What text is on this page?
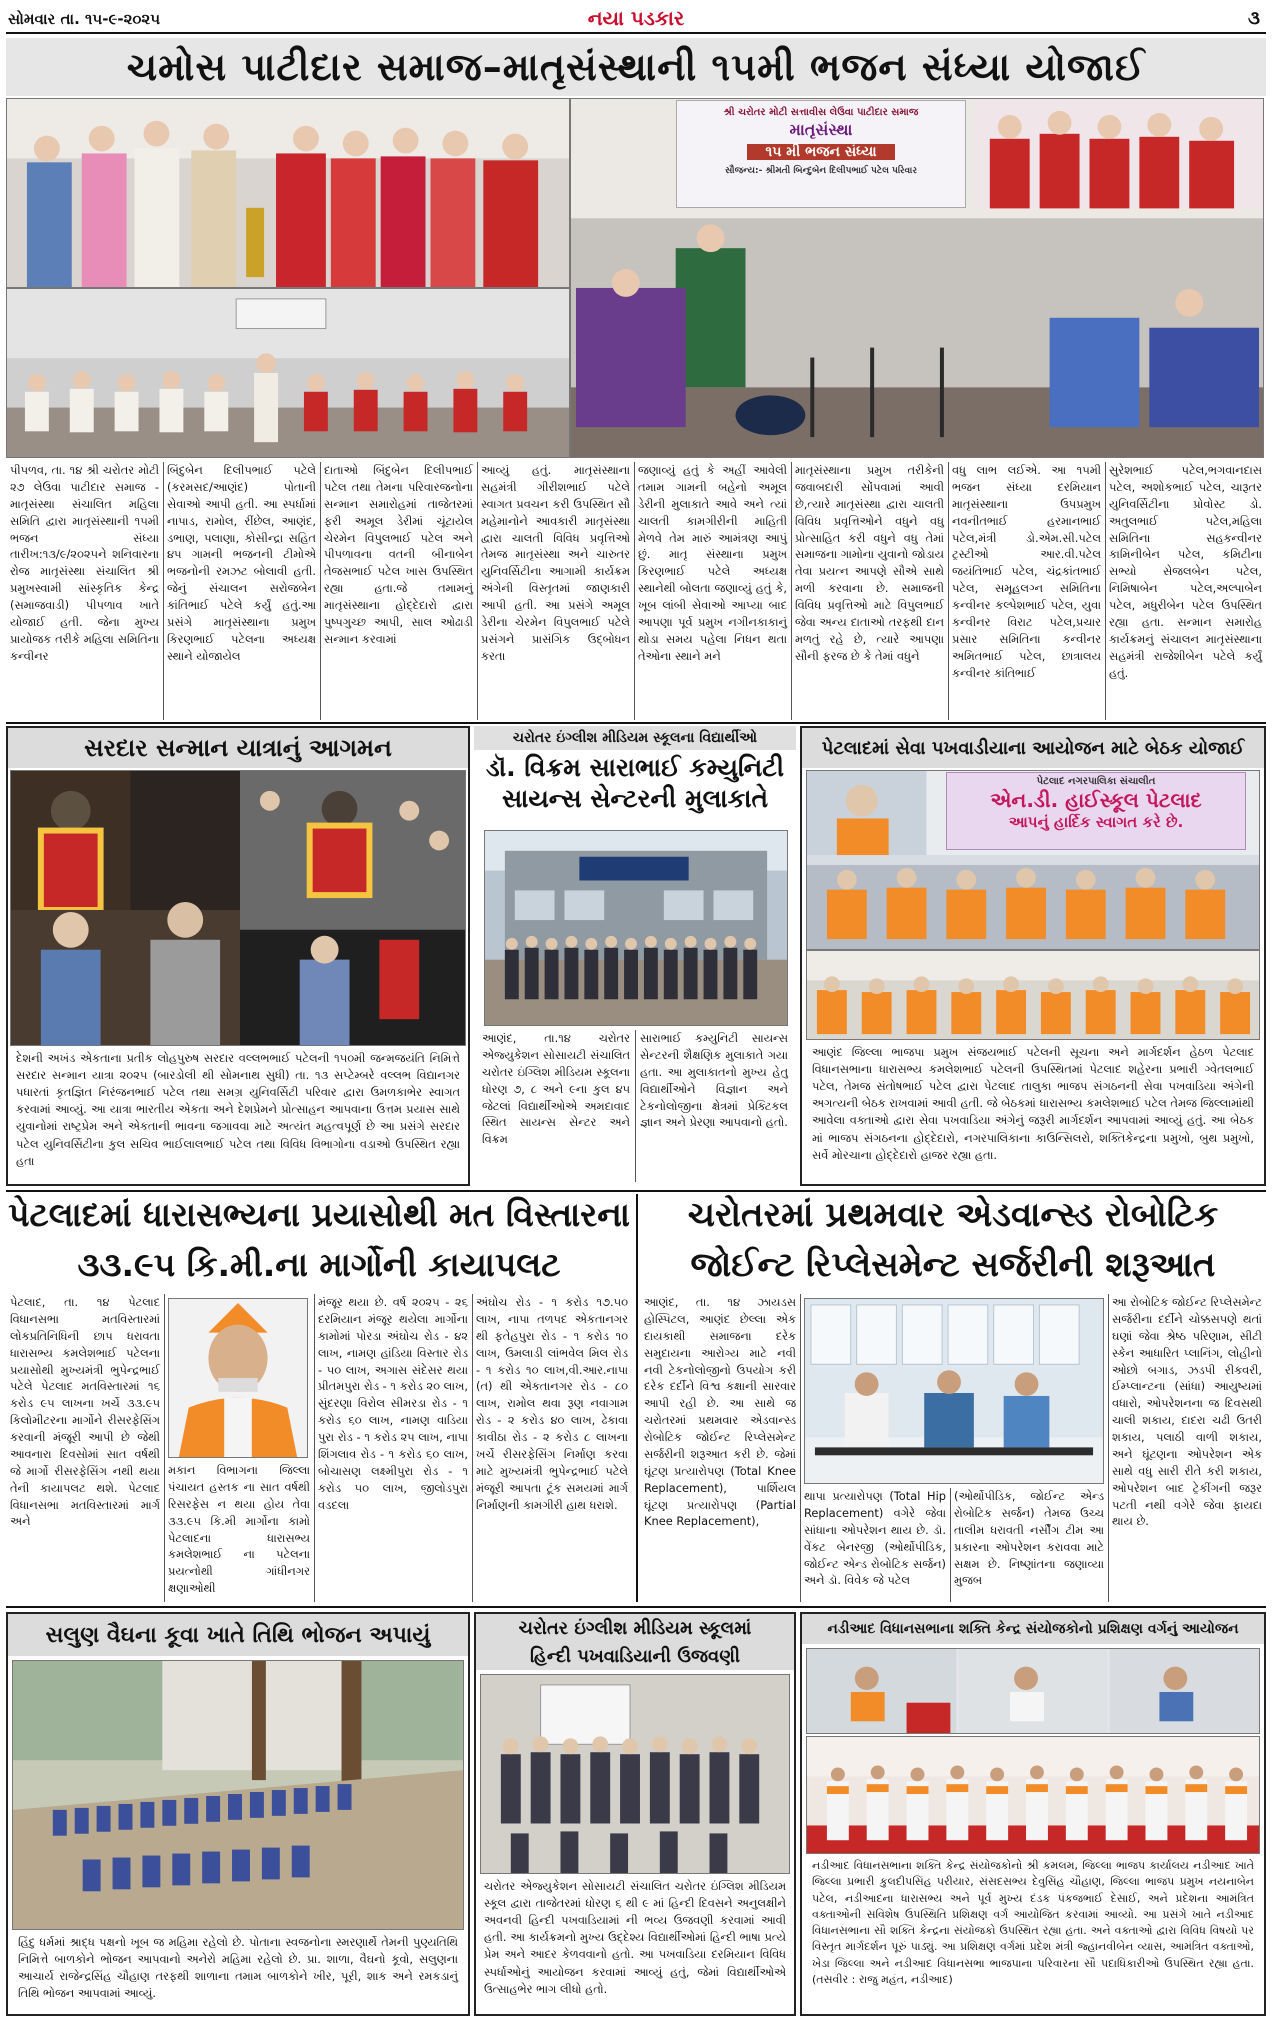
સોમવાર તા. ૧૫-૯-૨૦૨૫	નયા પડકાર	૩
ચમોસ પાટીદાર સમાજ–માતૃસંસ્થાની ૧૫મી ભજન સંધ્યા યોજાઈ
શ્રી ચરોતર મોટી સત્તાવીસ લેઉવા પાટીદાર સમાજ
માતૃસંસ્થા
૧૫ મી ભજન સંધ્યા
સૌજન્ય:- શ્રીમતી બિન્દુબેન દિલીપભાઈ પટેલ પરિવાર
પીપળવ, તા. ૧૪ શ્રી ચરોતર મોટી ૨૭ લેઉવા પાટીદાર સમાજ - માતૃસંસ્થા સંચાલિત મહિલા સમિતિ દ્વારા માતૃસંસ્થાની ૧૫મી ભજન સંધ્યા તારીખ:૧૩/૯/૨૦૨૫ને શનિવારના રોજ માતૃસંસ્થા સંચાલિત શ્રી પ્રમુખસ્વામી સાંસ્કૃતિક કેન્દ્ર (સમાજવાડી) પીપળાવ ખાતે યોજાઈ હતી. જેના મુખ્ય પ્રાયોજક તરીકે મહિલા સમિતિના કન્વીનર
બિંદુબેન દિલીપભાઈ પટેલે (કરમસદ/આણંદ) પોતાની સેવાઓ આપી હતી. આ સ્પર્ધામાં નાપાડ, રામોલ, રીંછેલ, આણંદ, ડભાણ, પલાણા, કોસીન્દ્રા સહિત ૪૫ ગામની ભજનની ટીમોએ ભજનોની રમઝટ બોલાવી હતી. જેનું સંચાલન સરોજબેન કાંતિભાઈ પટેલે કર્યું હતું.આ પ્રસંગે માતૃસંસ્થાના પ્રમુખ કિરણભાઈ પટેલના અધ્યક્ષ સ્થાને યોજાયેલ
દાતાઓ બિંદુબેન દિલીપભાઈ પટેલ તથા તેમના પરિવારજનોના સન્માન સમારોહમાં તાજેતરમાં ફરી અમૂલ ડેરીમાં ચૂંટાયેલ ચેરમેન વિપુલભાઈ પટેલ અને પીપળાવના વતની બીનાબેન તેજસભાઈ પટેલ ખાસ ઉપસ્થિત રહ્યા હતા.જે તમામનું માતૃસંસ્થાના હોદ્દેદારો દ્વારા પુષ્પગુચ્છ આપી, સાલ ઓઢાડી સન્માન કરવામાં
આવ્યું હતું. માતૃસંસ્થાના સહમંત્રી ગીરીશભાઈ પટેલે સ્વાગત પ્રવચન કરી ઉપસ્થિત સૌ મહેમાનોને આવકારી માતૃસંસ્થા દ્વારા ચાલતી વિવિધ પ્રવૃત્તિઓ તેમજ માતૃસંસ્થા અને ચારુતર યુનિવર્સિટીના આગામી કાર્યક્રમ અંગેની વિસ્તૃતમાં જાણકારી આપી હતી. આ પ્રસંગે અમૂલ ડેરીના ચેરમેન વિપુલભાઈ પટેલે પ્રસંગને પ્રાસંગિક ઉદ્બોધન કરતા
જણાવ્યું હતું કે અહીં આવેલી તમામ ગામની બહેનો અમૂલ ડેરીની મુલાકાતે આવે અને ત્યાં ચાલતી કામગીરીની માહિતી મેળવે તેમ મારું આમંત્રણ આપું છું. માતૃ સંસ્થાના પ્રમુખ કિરણભાઈ પટેલે અધ્યક્ષ સ્થાનેથી બોલતા જણાવ્યું હતું કે, ખૂબ લાંબી સેવાઓ આપ્યા બાદ આપણા પૂર્વ પ્રમુખ નગીનકાકાનું થોડા સમય પહેલા નિધન થતા તેઓના સ્થાને મને
માતૃસંસ્થાના પ્રમુખ તરીકેની જવાબદારી સોંપવામાં આવી છે,ત્યારે માતૃસંસ્થા દ્વારા ચાલતી વિવિધ પ્રવૃત્તિઓને વધુને વધુ પ્રોત્સાહિત કરી વધુને વધુ તેમાં સમાજના ગામોના યુવાનો જોડાય તેવા પ્રયત્ન આપણે સૌએ સાથે મળી કરવાના છે. સમાજની વિવિધ પ્રવૃત્તિઓ માટે વિપુલભાઈ જેવા અન્ય દાતાઓ તરફથી દાન મળતું રહે છે, ત્યારે આપણા સૌની ફરજ છે કે તેમાં વધુને
વધુ લાભ લઈએ. આ ૧૫મી ભજન સંધ્યા દરમિયાન માતૃસંસ્થાના ઉપપ્રમુખ નવનીતભાઈ હરમાનભાઈ પટેલ,મંત્રી ડો.એમ.સી.પટેલ ટ્રસ્ટીઓ આર.વી.પટેલ જયંતિભાઈ પટેલ, ચંદ્રકાંતભાઈ પટેલ, સમૂહલગ્ન સમિતિના કન્વીનર કલ્પેશભાઈ પટેલ, યુવા કન્વીનર વિરાટ પટેલ,પ્રચાર પ્રસાર સમિતિના કન્વીનર અમિતભાઈ પટેલ, છાત્રાલય કન્વીનર કાંતિભાઈ
સુરેશભાઈ પટેલ,ભગવાનદાસ પટેલ, અશોકભાઈ પટેલ, ચારૂતર યુનિવર્સિટીના પ્રોવોસ્ટ ડો. અતુલભાઈ પટેલ,મહિલા સમિતિના સહકન્વીનર કામિનીબેન પટેલ, કમિટીના સભ્યો સેજલબેન પટેલ, નિમિષાબેન પટેલ,અલ્પાબેન પટેલ, મધુરીબેન પટેલ ઉપસ્થિત રહ્યા હતા. સન્માન સમારોહ કાર્યક્રમનું સંચાલન માતૃસંસ્થાના સહમંત્રી રાજેશીબેન પટેલે કર્યું હતું.
સરદાર સન્માન યાત્રાનું આગમન
દેશની અખંડ એકતાના પ્રતીક લોહપુરુષ સરદાર વલ્લભભાઈ પટેલની ૧૫૦મી જન્મજયંતિ નિમિત્તે સરદાર સન્માન યાત્રા ૨૦૨૫ (બારડોલી થી સોમનાથ સુધી) તા. ૧૩ સપ્ટેમ્બરે વલ્લભ વિદ્યાનગર પધારતાં કૃતજ્ઞિત નિરંજનભાઈ પટેલ તથા સમગ્ર યુનિવર્સિટી પરિવાર દ્વારા ઉમળકાભેર સ્વાગત કરવામાં આવ્યું. આ યાત્રા ભારતીય એકતા અને દેશપ્રેમને પ્રોત્સાહન આપવાના ઉત્તમ પ્રયાસ સાથે યુવાનોમાં રાષ્ટ્રપ્રેમ અને એકતાની ભાવના જગાવવા માટે અત્યંત મહત્વપૂર્ણ છે આ પ્રસંગે સરદાર પટેલ યુનિવર્સિટીના કુલ સચિવ ભાઈલાલભાઈ પટેલ તથા વિવિધ વિભાગોના વડાઓ ઉપસ્થિત રહ્યા હતા
ચરોતર ઇંગ્લીશ મીડિયમ સ્કૂલના વિદ્યાર્થીઓ
ડૉ. વિક્રમ સારાભાઈ કમ્યુનિટી સાયન્સ સેન્ટરની મુલાકાતે
આણંદ, તા.૧૪ ચરોતર એજ્યુકેશન સોસાયટી સંચાલિત ચરોતર ઇંગ્લિશ મીડિયમ સ્કૂલના ધોરણ ૭, ૮ અને ૯ના કુલ ૪૫ જેટલાં વિદ્યાર્થીઓએ અમદાવાદ સ્થિત સાયન્સ સેન્ટર અને વિક્રમ
સારાભાઈ કમ્યુનિટી સાયન્સ સેન્ટરની શૈક્ષણિક મુલાકાતે ગયા હતા. આ મુલાકાતનો મુખ્ય હેતુ વિદ્યાર્થીઓને વિજ્ઞાન અને ટેકનોલોજીના ક્ષેત્રમાં પ્રેક્ટિકલ જ્ઞાન અને પ્રેરણા આપવાનો હતો.
પેટલાદમાં સેવા પખવાડીયાના આયોજન માટે બેઠક યોજાઈ
પેટલાદ નગરપાલિકા સંચાલીત
એન.ડી. હાઈસ્કૂલ પેટલાદ
આપનું હાર્દિક સ્વાગત કરે છે.
આણંદ જિલ્લા ભાજપા પ્રમુખ સંજયભાઈ પટેલની સૂચના અને માર્ગદર્શન હેઠળ પેટલાદ વિધાનસભાના ધારાસભ્ય કમલેશભાઈ પટેલની ઉપસ્થિતમાં પેટલાદ શહેરના પ્રભારી ગ્વેતલભાઈ પટેલ, તેમજ સંતોષભાઈ પટેલ દ્વારા પેટલાદ તાલુકા ભાજપ સંગઠનની સેવા પખવાડિયા અંગેની અગત્યની બેઠક રાખવામાં આવી હતી. જે બેઠકમાં ધારાસભ્ય કમલેશભાઈ પટેલ તેમજ જિલ્લામાંથી આવેલા વક્તાઓ દ્વારા સેવા પખવાડિયા અંગેનું જરૂરી માર્ગદર્શન આપવામાં આવ્યું હતું. આ બેઠક માં ભાજપ સંગઠનના હોદ્દેદારો, નગરપાલિકાના કાઉન્સિલરો, શક્તિકેન્દ્રના પ્રમુખો, બુથ પ્રમુખો, સર્વે મોરચાના હોદ્દેદારો હાજર રહ્યા હતા.
પેટલાદમાં ધારાસભ્યના પ્રયાસોથી મત વિસ્તારના
૩૩.૯૫ કિ.મી.ના માર્ગોની કાયાપલટ
પેટલાદ, તા. ૧૪ પેટલાદ વિધાનસભા મતવિસ્તારમાં લોકપ્રતિનિધિની છાપ ધરાવતા ધારાસભ્ય કમલેશભાઈ પટેલના પ્રયાસોથી મુખ્યમંત્રી ભુપેન્દ્રભાઈ પટેલે પેટલાદ મતવિસ્તારમાં ૧૬ કરોડ ૯૫ લાખના ખર્ચે ૩૩.૯૫ કિલોમીટરના માર્ગોને રીસરફેસિંગ કરવાની મંજૂરી આપી છે જેથી આવનારા દિવસોમાં સાત વર્ષથી જે માર્ગો રીસરફેસિંગ નથી થયા તેની કાયાપલટ થશે. પેટલાદ વિધાનસભા મતવિસ્તારમાં માર્ગ અને
મકાન વિભાગના જિલ્લા પંચાયત હસ્તક ના સાત વર્ષથી રિસરફેસ ન થયા હોય તેવા ૩૩.૯૫ કિ.મી માર્ગોના કામો પેટલાદના ધારાસભ્ય કમલેશભાઈ ના પટેલના પ્રયત્નોથી ગાંધીનગર ક્ષણાઓથી
મંજૂર થયા છે. વર્ષ ૨૦૨૫ - ૨૬ દરમિયાન મંજૂર થયેલા માર્ગોના કામોમાં પોરડા અંઘોચ રોડ - ૪૨ લાખ, નામણ હાંડિયા વિસ્તાર રોડ - ૫૦ લાખ, અગાસ સંદેસર થયા પ્રીતમપુરા રોડ - ૧ કરોડ ૨૦ લાખ, સુંદરણા વિરોલ સીમરડા રોડ - ૧ કરોડ ૬૦ લાખ, નામણ વાડિયા પુરા રોડ - ૧ કરોડ ૨૫ લાખ, નાપા શિંગલાવ રોડ - ૧ કરોડ ૬૦ લાખ, બોચાસણ લક્ષ્મીપુરા રોડ - ૧ કરોડ ૫૦ લાખ, જીલોડપુરા વડદલા
અંઘોચ રોડ - ૧ કરોડ ૧૭.૫૦ લાખ, નાપા તળપદ એકતાનગર થી ફતેહપુરા રોડ - ૧ કરોડ ૧૦ લાખ, ઉમલાડી લાંભવેલ મિલ રોડ - ૧ કરોડ ૧૦ લાખ,વી.આર.નાપા (ત) થી એકતાનગર રોડ - ૮૦ લાખ, રામોલ થવા રૂણ નવાગામ રોડ - ૨ કરોડ ૪૦ લાખ, ઢેકાવા કાવીઠા રોડ - ૨ કરોડ ૮ લાખના ખર્ચે રીસરફેસિંગ નિર્માણ કરવા માટે મુખ્યમંત્રી ભુપેન્દ્રભાઈ પટેલે મંજૂરી આપતા ટૂંક સમયમાં માર્ગ નિર્માણની કામગીરી હાથ ધરાશે.
ચરોતરમાં પ્રથમવાર એડવાન્સ્ડ રોબોટિક
જોઈન્ટ રિપ્લેસમેન્ટ સર્જરીની શરૂઆત
આણંદ, તા. ૧૪ ઝાયડસ હોસ્પિટલ, આણંદ છેલ્લા એક દાયકાથી સમાજના દરેક સમુદાયના આરોગ્ય માટે નવી નવી ટેકનોલોજીનો ઉપયોગ કરી દરેક દર્દીને વિશ્વ કક્ષાની સારવાર આપી રહી છે. આ સાથે જ ચરોતરમાં પ્રથમવાર એડવાન્સ્ડ રોબોટિક જોઈન્ટ રિપ્લેસમેન્ટ સર્જરીની શરૂઆત કરી છે. જેમાં ઘૂંટણ પ્રત્યારોપણ (Total Knee Replacement), પાર્શિયલ ઘૂંટણ પ્રત્યારોપણ (Partial Knee Replacement),
થાપા પ્રત્યારોપણ (Total Hip Replacement) વગેરે જેવા સાંધાના ઓપરેશન થાય છે. ડૉ. વેંકટ બેનરજી (ઓર્થોપીડિક, જોઈન્ટ એન્ડ રોબોટિક સર્જન) અને ડૉ. વિવેક જે પટેલ
(ઓર્થોપીડિક, જોઈન્ટ એન્ડ રોબોટિક સર્જન) તેમજ ઉચ્ચ તાલીમ ધરાવતી નર્સીંગ ટીમ આ પ્રકારના ઓપરેશન કરાવવા માટે સક્ષમ છે. નિષ્ણાંતના જણાવ્યા મુજબ
આ રોબોટિક જોઈન્ટ રિપ્લેસમેન્ટ સર્જરીના દર્દીને ચોક્કસપણે થતાં ઘણાં જેવા શ્રેષ્ઠ પરિણામ, સીટી સ્કેન આધારિત પ્લાનિંગ, લોહીનો ઓછો બગાડ, ઝડપી રીકવરી, ઈમ્પ્લાન્ટના (સાંધા) આયુષ્યમાં વધારો, ઓપરેશનના જ દિવસથી ચાલી શકાય, દાદરા ચઢી ઉતરી શકાય, પલાઠી વાળી શકાય, અને ઘૂંટણના ઓપરેશન એક સાથે વધુ સારી રીતે કરી શકાય, ઓપરેશન બાદ ટ્રેકીંગની જરૂર પટતી નથી વગેરે જેવા ફાયદા થાય છે.
સલુણ વૈઘના કૂવા ખાતે તિથિ ભોજન અપાયું
હિંદુ ધર્મમાં શ્રાદ્ધ પક્ષનો ખૂબ જ મહિમા રહેલો છે. પોતાના સ્વજનોના સ્મરણાર્થે તેમની પુણ્યતિથિ નિમિત્તે બાળકોને ભોજન આપવાનો અનેરો મહિમા રહેલો છે. પ્રા. શાળા, વૈઘનો કૂવો, સલુણના આચાર્ય રાજેન્દ્રસિંહ ચૌહાણ તરફથી શાળાના તમામ બાળકોને ખીર, પૂરી, શાક અને રમકડાનું તિથિ ભોજન આપવામાં આવ્યું.
ચરોતર ઇંગ્લીશ મીડિયમ સ્કૂલમાં
હિન્દી પખવાડિયાની ઉજવણી
ચરોતર એજ્યુકેશન સોસાયટી સંચાલિત ચરોતર ઇંગ્લિશ મીડિયમ સ્કૂલ દ્વારા તાજેતરમાં ધોરણ ૬ થી ૯ માં હિન્દી દિવસને અનુલક્ષીને અવનવી હિન્દી પખવાડિયામાં ની ભવ્ય ઉજવણી કરવામાં આવી હતી. આ કાર્યક્રમનો મુખ્ય ઉદ્દેશ્ય વિદ્યાર્થીઓમાં હિન્દી ભાષા પ્રત્યે પ્રેમ અને આદર કેળવવાનો હતો. આ પખવાડિયા દરમિયાન વિવિધ સ્પર્ધાઓનું આયોજન કરવામાં આવ્યું હતું, જેમાં વિદ્યાર્થીઓએ ઉત્સાહભેર ભાગ લીધો હતો.
નડીઆદ વિધાનસભાના શક્તિ કેન્દ્ર સંયોજકોનો પ્રશિક્ષણ વર્ગનું આયોજન
નડીઆદ વિધાનસભાના શક્તિ કેન્દ્ર સંયોજકોનો શ્રી કમલમ, જિલ્લા ભાજપ કાર્યાલય નડીઆદ ખાતે જિલ્લા પ્રભારી કુલદીપસિંહ પરીયાર, સંસદસભ્ય દેવુસિંહ ચૌહાણ, જિલ્લા ભાજપ પ્રમુખ નયનાબેન પટેલ, નડીઆદના ધારાસભ્ય અને પૂર્વ મુખ્ય દંડક પંકજભાઈ દેસાઈ, અને પ્રદેશના આમંત્રિત વક્તાઓની સવિશેષ ઉપસ્થિતિ પ્રશિક્ષણ વર્ગ આયોજિત કરવામાં આવ્યો. આ પ્રસંગે ખાતે નડીઆદ વિધાનસભાના સૌ શક્તિ કેન્દ્રના સંયોજકો ઉપસ્થિત રહ્યા હતા. અને વક્તાઓ દ્વારા વિવિધ વિષયો પર વિસ્તૃત માર્ગદર્શન પૂરું પાડ્યું. આ પ્રશિક્ષણ વર્ગમાં પ્રદેશ મંત્રી જ્હાનવીબેન વ્યાસ, આમંત્રિત વક્તાઓ, ખેડા જિલ્લા અને નડીઆદ વિધાનસભા ભાજપાના પરિવારના સૌ પદાધિકારીઓ ઉપસ્થિત રહ્યા હતા. (તસવીર : રાજુ મહંત, નડીઆદ)
